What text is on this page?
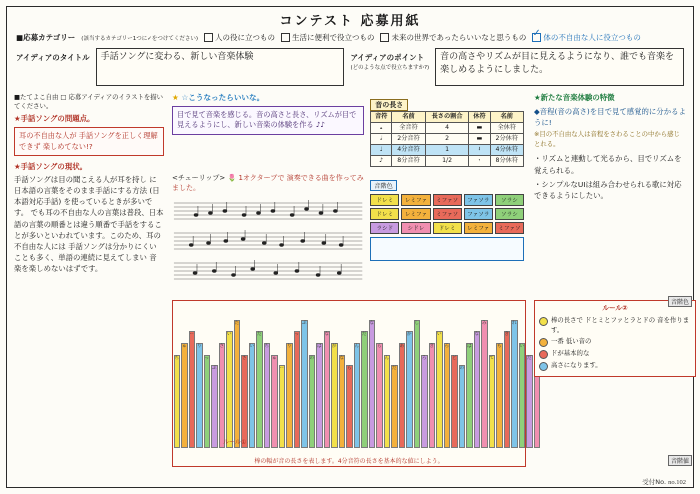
コンテスト 応募用紙
■応募カテゴリー (該当するカテゴリー1つに✓をつけてください) 人の役に立つもの 生活に便利で役立つもの 未来の世界であったらいいなと思うもの ✓ 体の不自由な人に役立つもの
アイディアのタイトル	手話ソングに変わる、新しい音楽体験	アイディアのポイント
(どのような点で役立ちますか?)
音の高さやリズムが目に見えるようになり、誰でも音楽を楽しめるようにしました。
■たてよこ自由 □ 応募アイディアのイラストを描いてください。
★手話ソングの問題点。
耳の不自由な人が 手話ソングを正しく理解できず 楽しめてない!?
★手話ソングの現状。
手話ソングは目の聞こえる人が耳を持し に日本語の言葉をそのまま手話にする方法 (日本語対応手話) を使っているときが多いです。 でも耳の不自由な人の言葉は普段、日本語の言葉の順番とは違う順番で手話をすることが多いといわれています。このため、耳の不自由な人には 手話ソングは分かりにくいことも多く、単語の連続に見えてしまい 音楽を楽しめないはずです。
★ ☆こうなったらいいな。
目で見て音楽を感じる。音の高さと長さ、リズムが目で見えるようにし、新しい音楽の体験を作る ♪♪
音の長さ
音符	名前	長さの割合	休符	名前
𝅝	全音符	4	▬	全休符
𝅗𝅥	2分音符	2	▬	2分休符
♩	4分音符	1	𝄽	4分休符
♪	8分音符	1/2	𝄾	8分休符
<チューリップ> 🌷 1オクターブで 演奏できる曲を作ってみました。	音階色
ドレミ	レミファ	ミファソ	ファソラ	ソラシ
ドレミ	レミファ	ミファソ	ファソラ	ソラシ
ラシド	シドレ	ドレミ	レミファ	ミファソ
★新たな音楽体験の特徴
◆音程(音の高さ)を目で見て感覚的に分かるように!
※目の不自由な人は音程をさわることの中から感じとれる。
・リズムと連動して光るから、目でリズムを覚えられる。
・シンプルなUIは組み合わせられる歌に対応できるようにしたい。
ち
ゅ
ー
り
っ
ぷ
さ
い
た
さ
い
た
ち
ゅ
ー
り
っ
ぷ
の
は
な
が
な
ら
ん
だ
な
ら
ん
だ
あ
か
し
ろ
き
い
ろ
ど
の
は
な
み
て
も
き
れ
い
だ
棒の幅が音の長さを表します。4分音符の長さを基本的な値にしよう。
ルール①
ルール②
棒の長さで ドとミとファとラとドの 音を作ります。
一番 低い音の
ドが基本的な
高さになります。
音階色
音階値
受付No. no.102
